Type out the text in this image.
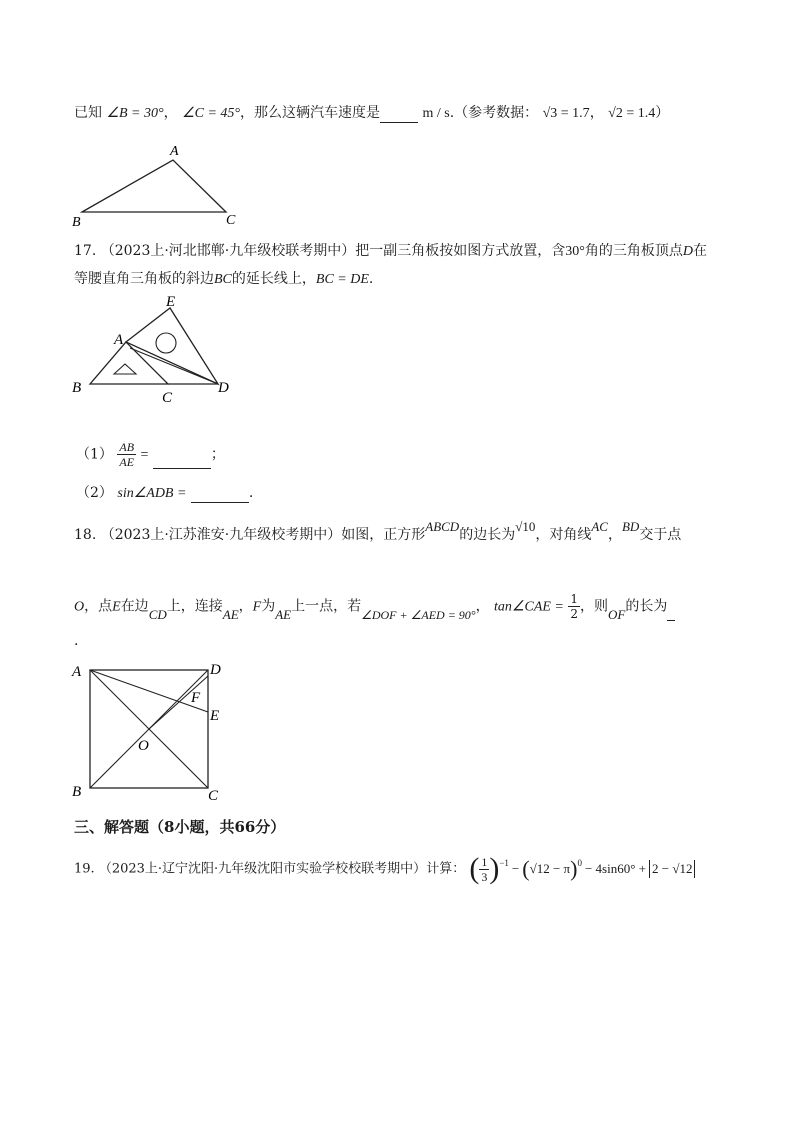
已知 ∠B = 30°， ∠C = 45°，那么这辆汽车速度是	m / s.（参考数据： √3 = 1.7， √2 = 1.4）
A
B	C
17. （2023上·河北邯郸·九年级校联考期中）把一副三角板按如图方式放置，含30°角的三角板顶点D在
等腰直角三角板的斜边BC的延长线上，BC = DE.
E
A
B
C
D
$(1) \frac{AB}{AE}$ =	；
（2） sin∠ADB =	.
18. （2023上·江苏淮安·九年级校考期中）如图，正方形ABCD的边长为√10，对角线AC，BD交于点
O，点E在边CD上，连接AE，F为AE上一点，若∠DOF + ∠AED = 90°， tan∠CAE = $\frac{1}{2}$ ，则OF的长为
.
A	D
F
E
O
B	C
三、解答题（8小题，共66分）
19. （2023上·辽宁沈阳·九年级沈阳市实验学校校联考期中）计算： ( $\frac{1}{3} )^{-1}$ − ( √12 − π )$^0$ − 4sin60° + 2 − √12
